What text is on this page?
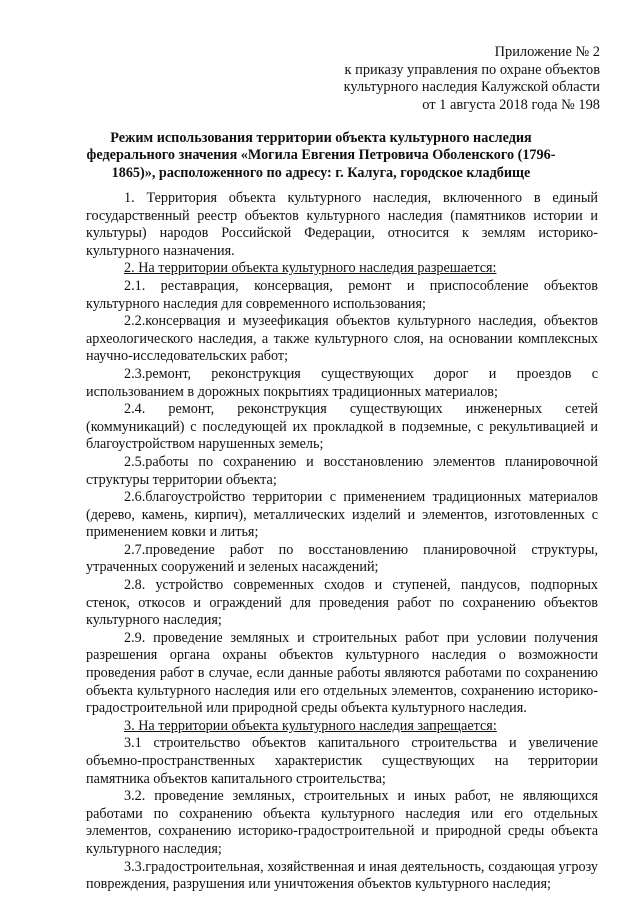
Приложение № 2
к приказу управления по охране объектов
культурного наследия Калужской области
от 1 августа 2018 года № 198
Режим использования территории объекта культурного наследия федерального значения «Могила Евгения Петровича Оболенского (1796-1865)», расположенного по адресу: г. Калуга, городское кладбище

1. Территория объекта культурного наследия, включенного в единый государственный реестр объектов культурного наследия (памятников истории и культуры) народов Российской Федерации, относится к землям историко-культурного назначения.

2. На территории объекта культурного наследия разрешается:

2.1. реставрация, консервация, ремонт и приспособление объектов культурного наследия для современного использования;

2.2.консервация и музеефикация объектов культурного наследия, объектов археологического наследия, а также культурного слоя, на основании комплексных научно-исследовательских работ;

2.3.ремонт, реконструкция существующих дорог и проездов с использованием в дорожных покрытиях традиционных материалов;

2.4. ремонт, реконструкция существующих инженерных сетей (коммуникаций) с последующей их прокладкой в подземные, с рекультивацией и благоустройством нарушенных земель;

2.5.работы по сохранению и восстановлению элементов планировочной структуры территории объекта;

2.6.благоустройство территории с применением традиционных материалов (дерево, камень, кирпич), металлических изделий и элементов, изготовленных с применением ковки и литья;

2.7.проведение работ по восстановлению планировочной структуры, утраченных сооружений и зеленых насаждений;

2.8. устройство современных сходов и ступеней, пандусов, подпорных стенок, откосов и ограждений для проведения работ по сохранению объектов культурного наследия;

2.9. проведение земляных и строительных работ при условии получения разрешения органа охраны объектов культурного наследия о возможности проведения работ в случае, если данные работы являются работами по сохранению объекта культурного наследия или его отдельных элементов, сохранению историко-градостроительной или природной среды объекта культурного наследия.

3. На территории объекта культурного наследия запрещается:

3.1 строительство объектов капитального строительства и увеличение объемно-пространственных характеристик существующих на территории памятника объектов капитального строительства;

3.2. проведение земляных, строительных и иных работ, не являющихся работами по сохранению объекта культурного наследия или его отдельных элементов, сохранению историко-градостроительной и природной среды объекта культурного наследия;

3.3.градостроительная, хозяйственная и иная деятельность, создающая угрозу повреждения, разрушения или уничтожения объектов культурного наследия;
